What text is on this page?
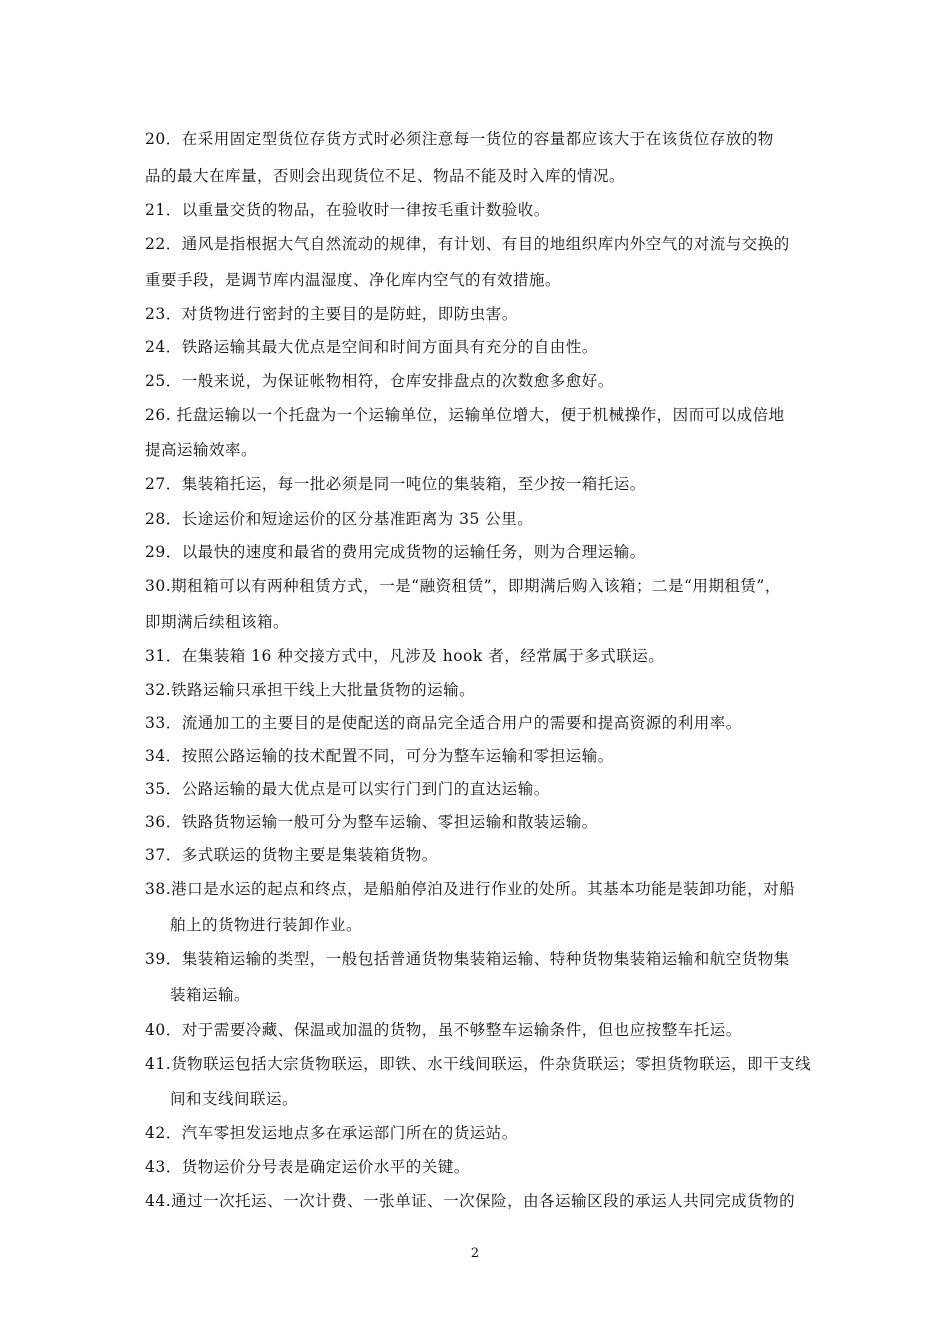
20．在采用固定型货位存货方式时必须注意每一货位的容量都应该大于在该货位存放的物
品的最大在库量，否则会出现货位不足、物品不能及时入库的情况。
21．以重量交货的物品，在验收时一律按毛重计数验收。
22．通风是指根据大气自然流动的规律，有计划、有目的地组织库内外空气的对流与交换的
重要手段，是调节库内温湿度、净化库内空气的有效措施。
23．对货物进行密封的主要目的是防蛀，即防虫害。
24．铁路运输其最大优点是空间和时间方面具有充分的自由性。
25．一般来说，为保证帐物相符，仓库安排盘点的次数愈多愈好。
26. 托盘运输以一个托盘为一个运输单位，运输单位增大，便于机械操作，因而可以成倍地
提高运输效率。
27．集装箱托运，每一批必须是同一吨位的集装箱，至少按一箱托运。
28．长途运价和短途运价的区分基准距离为 35 公里。
29．以最快的速度和最省的费用完成货物的运输任务，则为合理运输。
30.期租箱可以有两种租赁方式，一是“融资租赁”，即期满后购入该箱；二是“用期租赁”，
即期满后续租该箱。
31．在集装箱 16 种交接方式中，凡涉及 hook 者，经常属于多式联运。
32.铁路运输只承担干线上大批量货物的运输。
33．流通加工的主要目的是使配送的商品完全适合用户的需要和提高资源的利用率。
34．按照公路运输的技术配置不同，可分为整车运输和零担运输。
35．公路运输的最大优点是可以实行门到门的直达运输。
36．铁路货物运输一般可分为整车运输、零担运输和散装运输。
37．多式联运的货物主要是集装箱货物。
38.港口是水运的起点和终点，是船舶停泊及进行作业的处所。其基本功能是装卸功能，对船
舶上的货物进行装卸作业。
39．集装箱运输的类型，一般包括普通货物集装箱运输、特种货物集装箱运输和航空货物集
装箱运输。
40．对于需要冷藏、保温或加温的货物，虽不够整车运输条件，但也应按整车托运。
41.货物联运包括大宗货物联运，即铁、水干线间联运，件杂货联运；零担货物联运，即干支线
间和支线间联运。
42．汽车零担发运地点多在承运部门所在的货运站。
43．货物运价分号表是确定运价水平的关键。
44.通过一次托运、一次计费、一张单证、一次保险，由各运输区段的承运人共同完成货物的
2
